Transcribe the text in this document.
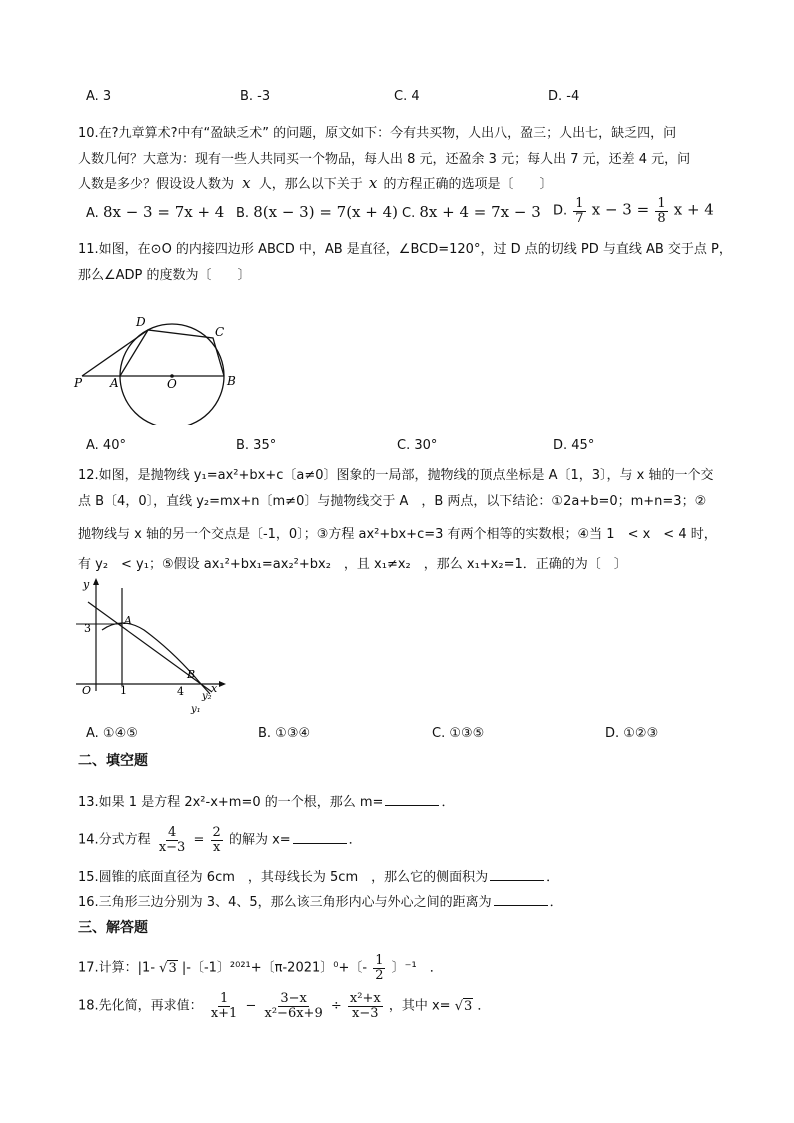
A. 3	B. -3	C. 4	D. -4
10.在?九章算术?中有“盈缺乏术” 的问题，原文如下：今有共买物，人出八，盈三；人出七，缺乏四，问
人数几何？大意为：现有一些人共同买一个物品，每人出 8 元，还盈余 3 元；每人出 7 元，还差 4 元，问
人数是多少？假设设人数为 x 人，那么以下关于 x 的方程正确的选项是〔　　〕
A. 8x − 3 = 7x + 4 B. 8(x − 3) = 7(x + 4) C. 8x + 4 = 7x − 3 D. $\frac{1}{7}$ $x - 3 = \frac{1}{8}$ x + 4
11.如图，在⊙O 的内接四边形 ABCD 中，AB 是直径，∠BCD=120°，过 D 点的切线 PD 与直线 AB 交于点 P，
那么∠ADP 的度数为〔　　〕
D
C
P A	O	B
A. 40°	B. 35°	C. 30°	D. 45°
12.如图，是抛物线 y₁=ax²+bx+c〔a≠0〕图象的一局部，抛物线的顶点坐标是 A〔1，3〕，与 x 轴的一个交
点 B〔4，0〕，直线 y₂=mx+n〔m≠0〕与抛物线交于 A　，B 两点，以下结论：①2a+b=0；m+n=3；②
抛物线与 x 轴的另一个交点是〔-1，0〕；③方程 ax²+bx+c=3 有两个相等的实数根；④当 1　< x　< 4 时，
有 y₂　< y₁；⑤假设 ax₁²+bx₁=ax₂²+bx₂　，且 x₁≠x₂　，那么 x₁+x₂=1．正确的为〔　〕
y
3
A
O	1	4
B
x
y₂
y₁
A. ①④⑤	B. ①③④	C. ①③⑤	D. ①②③
二、填空题
13.如果 1 是方程 2x²-x+m=0 的一个根，那么 m=	．
14.分式方程 $\frac{4}{x-3} = \frac{2}{x}$ 的解为 x=	．
15.圆锥的底面直径为 6cm　，其母线长为 5cm　，那么它的侧面积为	．
16.三角形三边分别为 3、4、5，那么该三角形内心与外心之间的距离为	．
三、解答题
17.计算：|1- √3 |-〔-1〕²⁰²¹+〔π-2021〕⁰+〔- $\frac{1}{2}$ 〕⁻¹　．
18.先化简，再求值： $\frac{1}{x+1} - \frac{3-x}{\text{x²−6x+9}} \div \frac{\text{x²+x}}{x-3}$ ，其中 x= √3 ．
